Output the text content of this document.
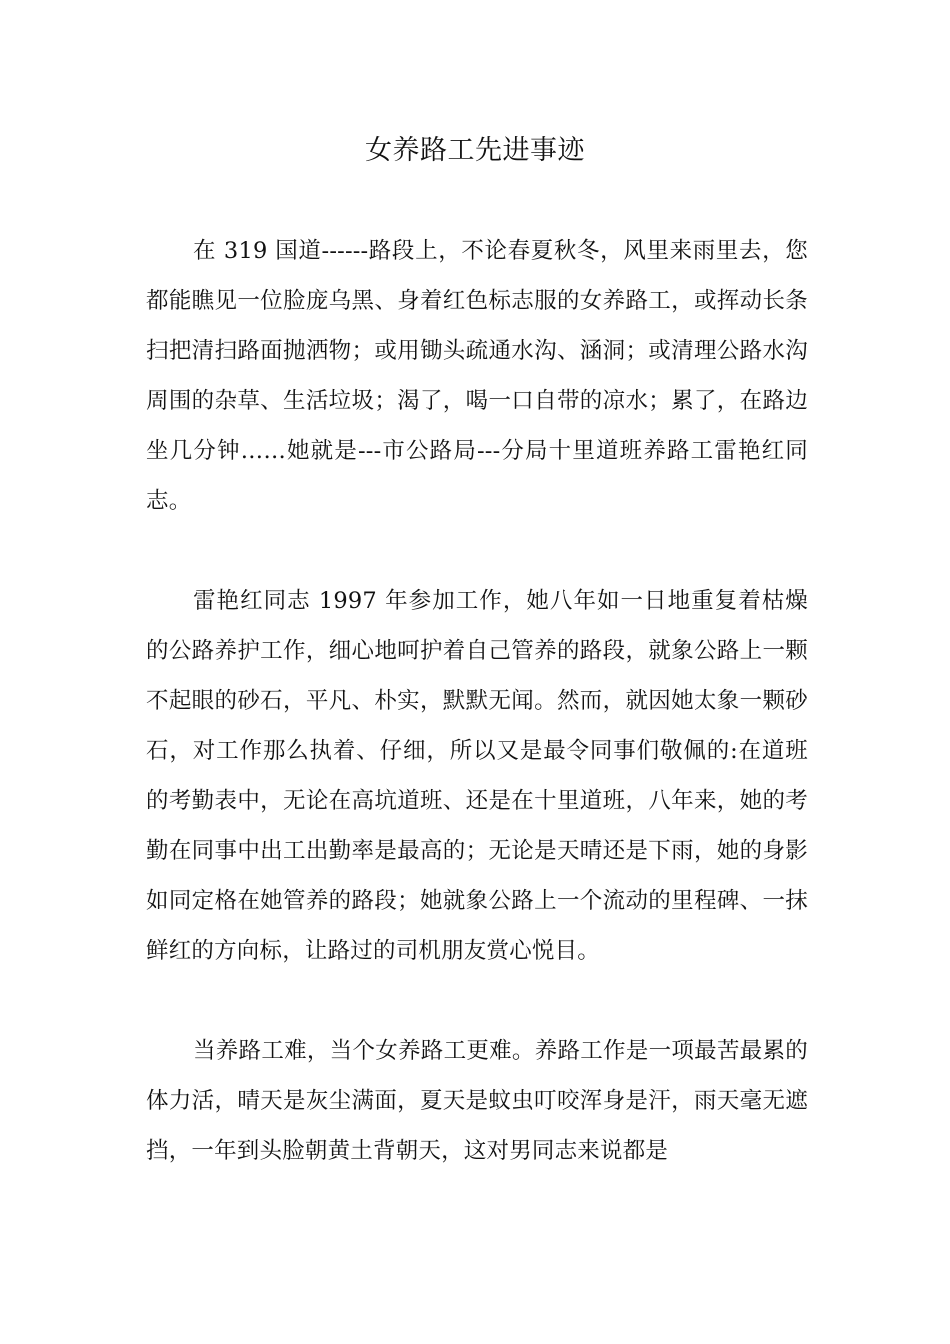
女养路工先进事迹

在 319 国道------路段上，不论春夏秋冬，风里来雨里去，您都能瞧见一位脸庞乌黑、身着红色标志服的女养路工，或挥动长条扫把清扫路面抛洒物；或用锄头疏通水沟、涵洞；或清理公路水沟周围的杂草、生活垃圾；渴了，喝一口自带的凉水；累了，在路边坐几分钟……她就是---市公路局---分局十里道班养路工雷艳红同志。

雷艳红同志 1997 年参加工作，她八年如一日地重复着枯燥的公路养护工作，细心地呵护着自己管养的路段，就象公路上一颗不起眼的砂石，平凡、朴实，默默无闻。然而，就因她太象一颗砂石，对工作那么执着、仔细，所以又是最令同事们敬佩的:在道班的考勤表中，无论在高坑道班、还是在十里道班，八年来，她的考勤在同事中出工出勤率是最高的；无论是天晴还是下雨，她的身影如同定格在她管养的路段；她就象公路上一个流动的里程碑、一抹鲜红的方向标，让路过的司机朋友赏心悦目。

当养路工难，当个女养路工更难。养路工作是一项最苦最累的体力活，晴天是灰尘满面，夏天是蚊虫叮咬浑身是汗，雨天毫无遮挡，一年到头脸朝黄土背朝天，这对男同志来说都是
